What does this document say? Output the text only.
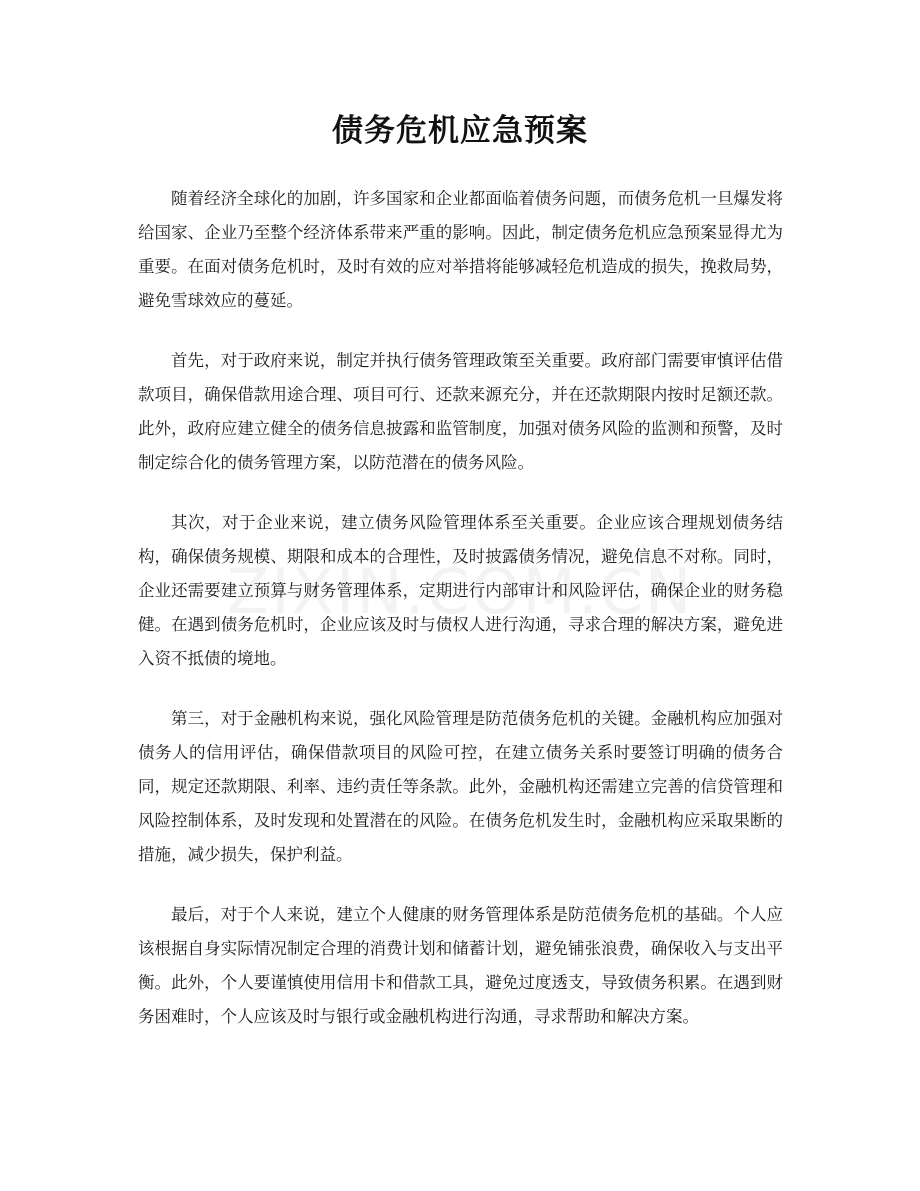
债务危机应急预案

随着经济全球化的加剧，许多国家和企业都面临着债务问题，而债务危机一旦爆发将给国家、企业乃至整个经济体系带来严重的影响。因此，制定债务危机应急预案显得尤为重要。在面对债务危机时，及时有效的应对举措将能够减轻危机造成的损失，挽救局势，避免雪球效应的蔓延。

首先，对于政府来说，制定并执行债务管理政策至关重要。政府部门需要审慎评估借款项目，确保借款用途合理、项目可行、还款来源充分，并在还款期限内按时足额还款。此外，政府应建立健全的债务信息披露和监管制度，加强对债务风险的监测和预警，及时制定综合化的债务管理方案，以防范潜在的债务风险。

其次，对于企业来说，建立债务风险管理体系至关重要。企业应该合理规划债务结构，确保债务规模、期限和成本的合理性，及时披露债务情况，避免信息不对称。同时，企业还需要建立预算与财务管理体系，定期进行内部审计和风险评估，确保企业的财务稳健。在遇到债务危机时，企业应该及时与债权人进行沟通，寻求合理的解决方案，避免进入资不抵债的境地。

第三，对于金融机构来说，强化风险管理是防范债务危机的关键。金融机构应加强对债务人的信用评估，确保借款项目的风险可控，在建立债务关系时要签订明确的债务合同，规定还款期限、利率、违约责任等条款。此外，金融机构还需建立完善的信贷管理和风险控制体系，及时发现和处置潜在的风险。在债务危机发生时，金融机构应采取果断的措施，减少损失，保护利益。

最后，对于个人来说，建立个人健康的财务管理体系是防范债务危机的基础。个人应该根据自身实际情况制定合理的消费计划和储蓄计划，避免铺张浪费，确保收入与支出平衡。此外，个人要谨慎使用信用卡和借款工具，避免过度透支，导致债务积累。在遇到财务困难时，个人应该及时与银行或金融机构进行沟通，寻求帮助和解决方案。
